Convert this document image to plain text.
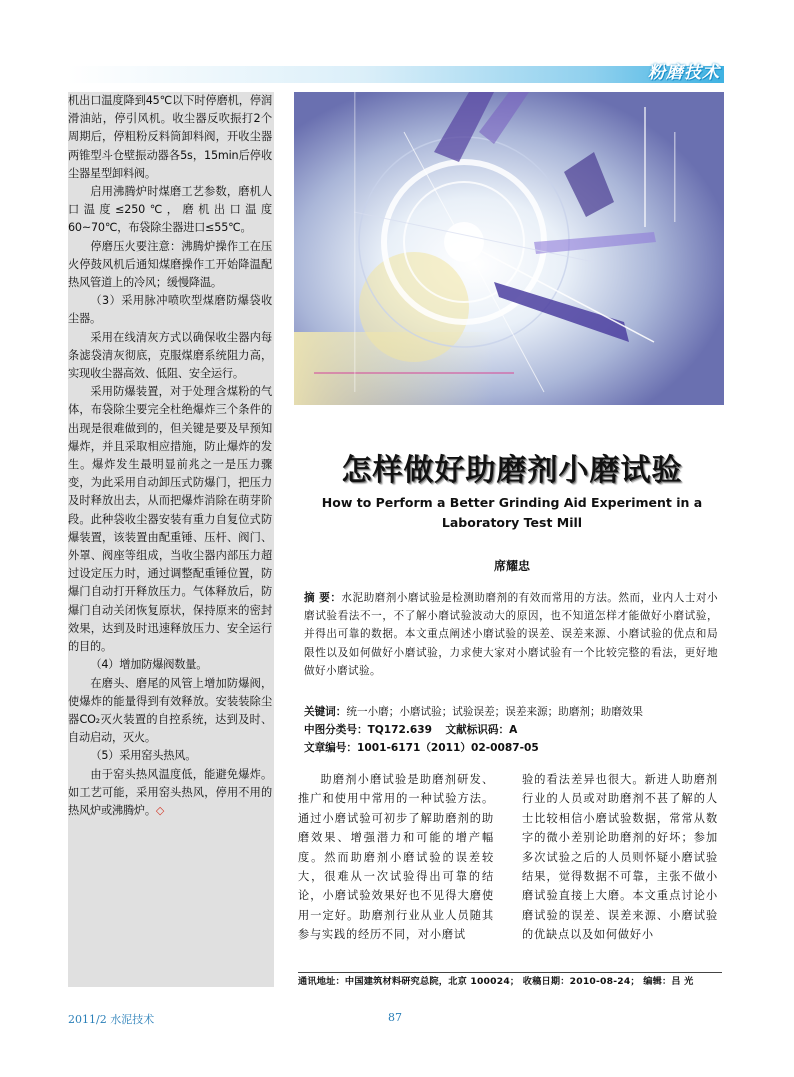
粉磨技术

机出口温度降到45℃以下时停磨机，停润滑油站，停引风机。收尘器反吹振打2个周期后，停粗粉反料筒卸料阀，开收尘器两锥型斗仓壁振动器各5s，15min后停收尘器星型卸料阀。

启用沸腾炉时煤磨工艺参数，磨机人口温度≤250℃，磨机出口温度60~70℃，布袋除尘器进口≤55℃。

停磨压火要注意：沸腾炉操作工在压火停鼓风机后通知煤磨操作工开始降温配热风管道上的冷风；缓慢降温。

（3）采用脉冲喷吹型煤磨防爆袋收尘器。

采用在线清灰方式以确保收尘器内每条滤袋清灰彻底，克服煤磨系统阻力高，实现收尘器高效、低阻、安全运行。

采用防爆装置，对于处理含煤粉的气体，布袋除尘要完全杜绝爆炸三个条件的出现是很难做到的，但关键是要及早预知爆炸，并且采取相应措施，防止爆炸的发生。爆炸发生最明显前兆之一是压力骤变，为此采用自动卸压式防爆门，把压力及时释放出去，从而把爆炸消除在萌芽阶段。此种袋收尘器安装有重力自复位式防爆装置，该装置由配重锤、压杆、阀门、外罩、阀座等组成，当收尘器内部压力超过设定压力时，通过调整配重锤位置，防爆门自动打开释放压力。气体释放后，防爆门自动关闭恢复原状，保持原来的密封效果，达到及时迅速释放压力、安全运行的目的。

（4）增加防爆阀数量。

在磨头、磨尾的风管上增加防爆阀，使爆炸的能量得到有效释放。安装装除尘器CO₂灭火装置的自控系统，达到及时、自动启动，灭火。

（5）采用窑头热风。

由于窑头热风温度低，能避免爆炸。如工艺可能，采用窑头热风，停用不用的热风炉或沸腾炉。◇

怎样做好助磨剂小磨试验
How to Perform a Better Grinding Aid Experiment in a
Laboratory Test Mill
席耀忠
摘 要：水泥助磨剂小磨试验是检测助磨剂的有效而常用的方法。然而，业内人士对小磨试验看法不一，不了解小磨试验波动大的原因，也不知道怎样才能做好小磨试验，并得出可靠的数据。本文重点阐述小磨试验的误差、误差来源、小磨试验的优点和局限性以及如何做好小磨试验，力求使大家对小磨试验有一个比较完整的看法，更好地做好小磨试验。
关键词：统一小磨；小磨试验；试验误差；误差来源；助磨剂；助磨效果
中图分类号：TQ172.639 文献标识码：A
文章编号：1001-6171（2011）02-0087-05

助磨剂小磨试验是助磨剂研发、推广和使用中常用的一种试验方法。通过小磨试验可初步了解助磨剂的助磨效果、增强潜力和可能的增产幅度。然而助磨剂小磨试验的误差较大，很难从一次试验得出可靠的结论，小磨试验效果好也不见得大磨使用一定好。助磨剂行业从业人员随其参与实践的经历不同，对小磨试

验的看法差异也很大。新进人助磨剂行业的人员或对助磨剂不甚了解的人士比较相信小磨试验数据，常常从数字的微小差别论助磨剂的好坏；参加多次试验之后的人员则怀疑小磨试验结果，觉得数据不可靠，主张不做小磨试验直接上大磨。本文重点讨论小磨试验的误差、误差来源、小磨试验的优缺点以及如何做好小

通讯地址：中国建筑材料研究总院，北京 100024； 收稿日期：2010-08-24； 编辑：吕 光
2011/2 水泥技术	87
